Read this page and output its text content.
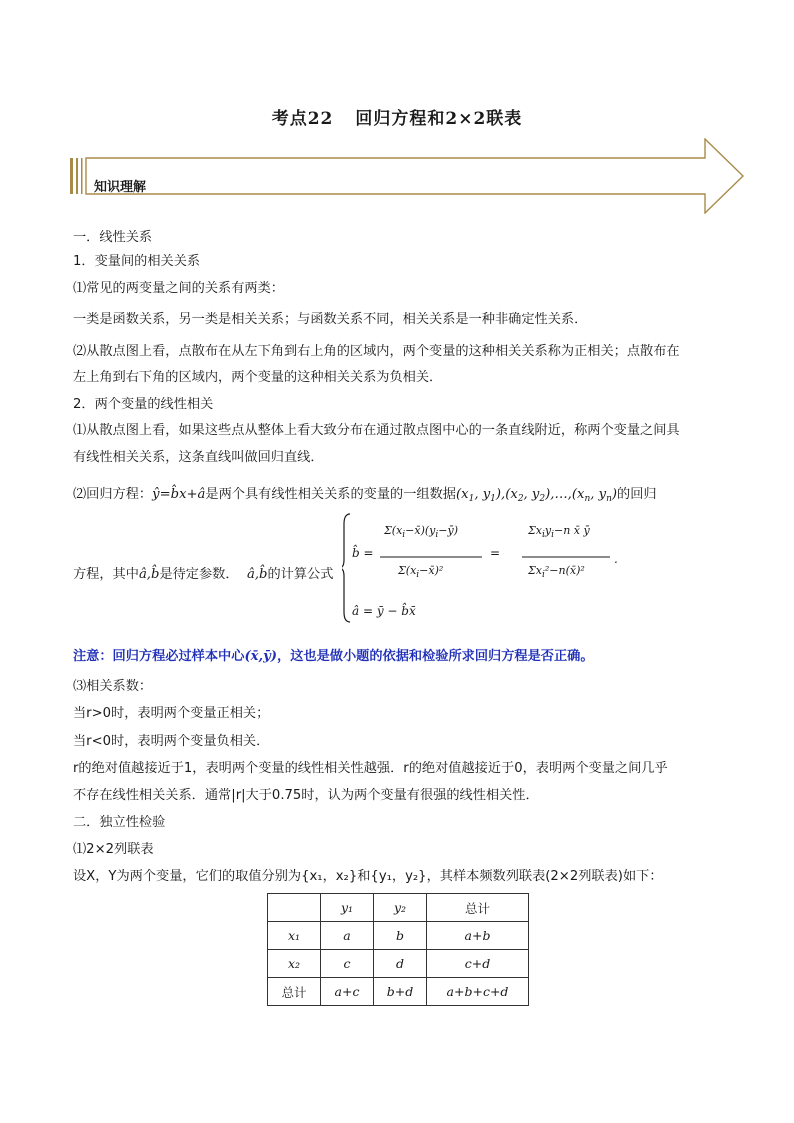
考点22 回归方程和2×2联表
知识理解
一．线性关系
1．变量间的相关关系
⑴常见的两变量之间的关系有两类：
一类是函数关系，另一类是相关关系；与函数关系不同，相关关系是一种非确定性关系．
⑵从散点图上看，点散布在从左下角到右上角的区域内，两个变量的这种相关关系称为正相关；点散布在
左上角到右下角的区域内，两个变量的这种相关关系为负相关．
2．两个变量的线性相关
⑴从散点图上看，如果这些点从整体上看大致分布在通过散点图中心的一条直线附近，称两个变量之间具
有线性相关关系，这条直线叫做回归直线．
⑵回归方程：ŷ=b̂x+â是两个具有线性相关关系的变量的一组数据($x_1$, $y_1),(x_2$, $y_2),\dots,(x_n$, $y_n$)的回归
方程，其中â,b̂是待定参数． â,b̂的计算公式
b̂ =
$\Sigma(x_i-x̄)(y_i-ȳ)$
$\Sigma(x_i-x̄)^2$
=
$\Sigma x_iy_i-n$ x̄ ȳ
$\Sigma x_i^2-n(x̄)^2$
.
â = ȳ − b̂x̄
注意：回归方程必过样本中心(x̄,ȳ)，这也是做小题的依据和检验所求回归方程是否正确。
⑶相关系数：
当r>0时，表明两个变量正相关；
当r<0时，表明两个变量负相关．
r的绝对值越接近于1，表明两个变量的线性相关性越强．r的绝对值越接近于0，表明两个变量之间几乎
不存在线性相关关系．通常|r|大于0.75时，认为两个变量有很强的线性相关性．
二．独立性检验
⑴2×2列联表
设X，Y为两个变量，它们的取值分别为{x₁，x₂}和{y₁，y₂}，其样本频数列联表(2×2列联表)如下：
	y₁	y₂	总计
x₁	a	b	a+b
x₂	c	d	c+d
总计	a+c	b+d	a+b+c+d
